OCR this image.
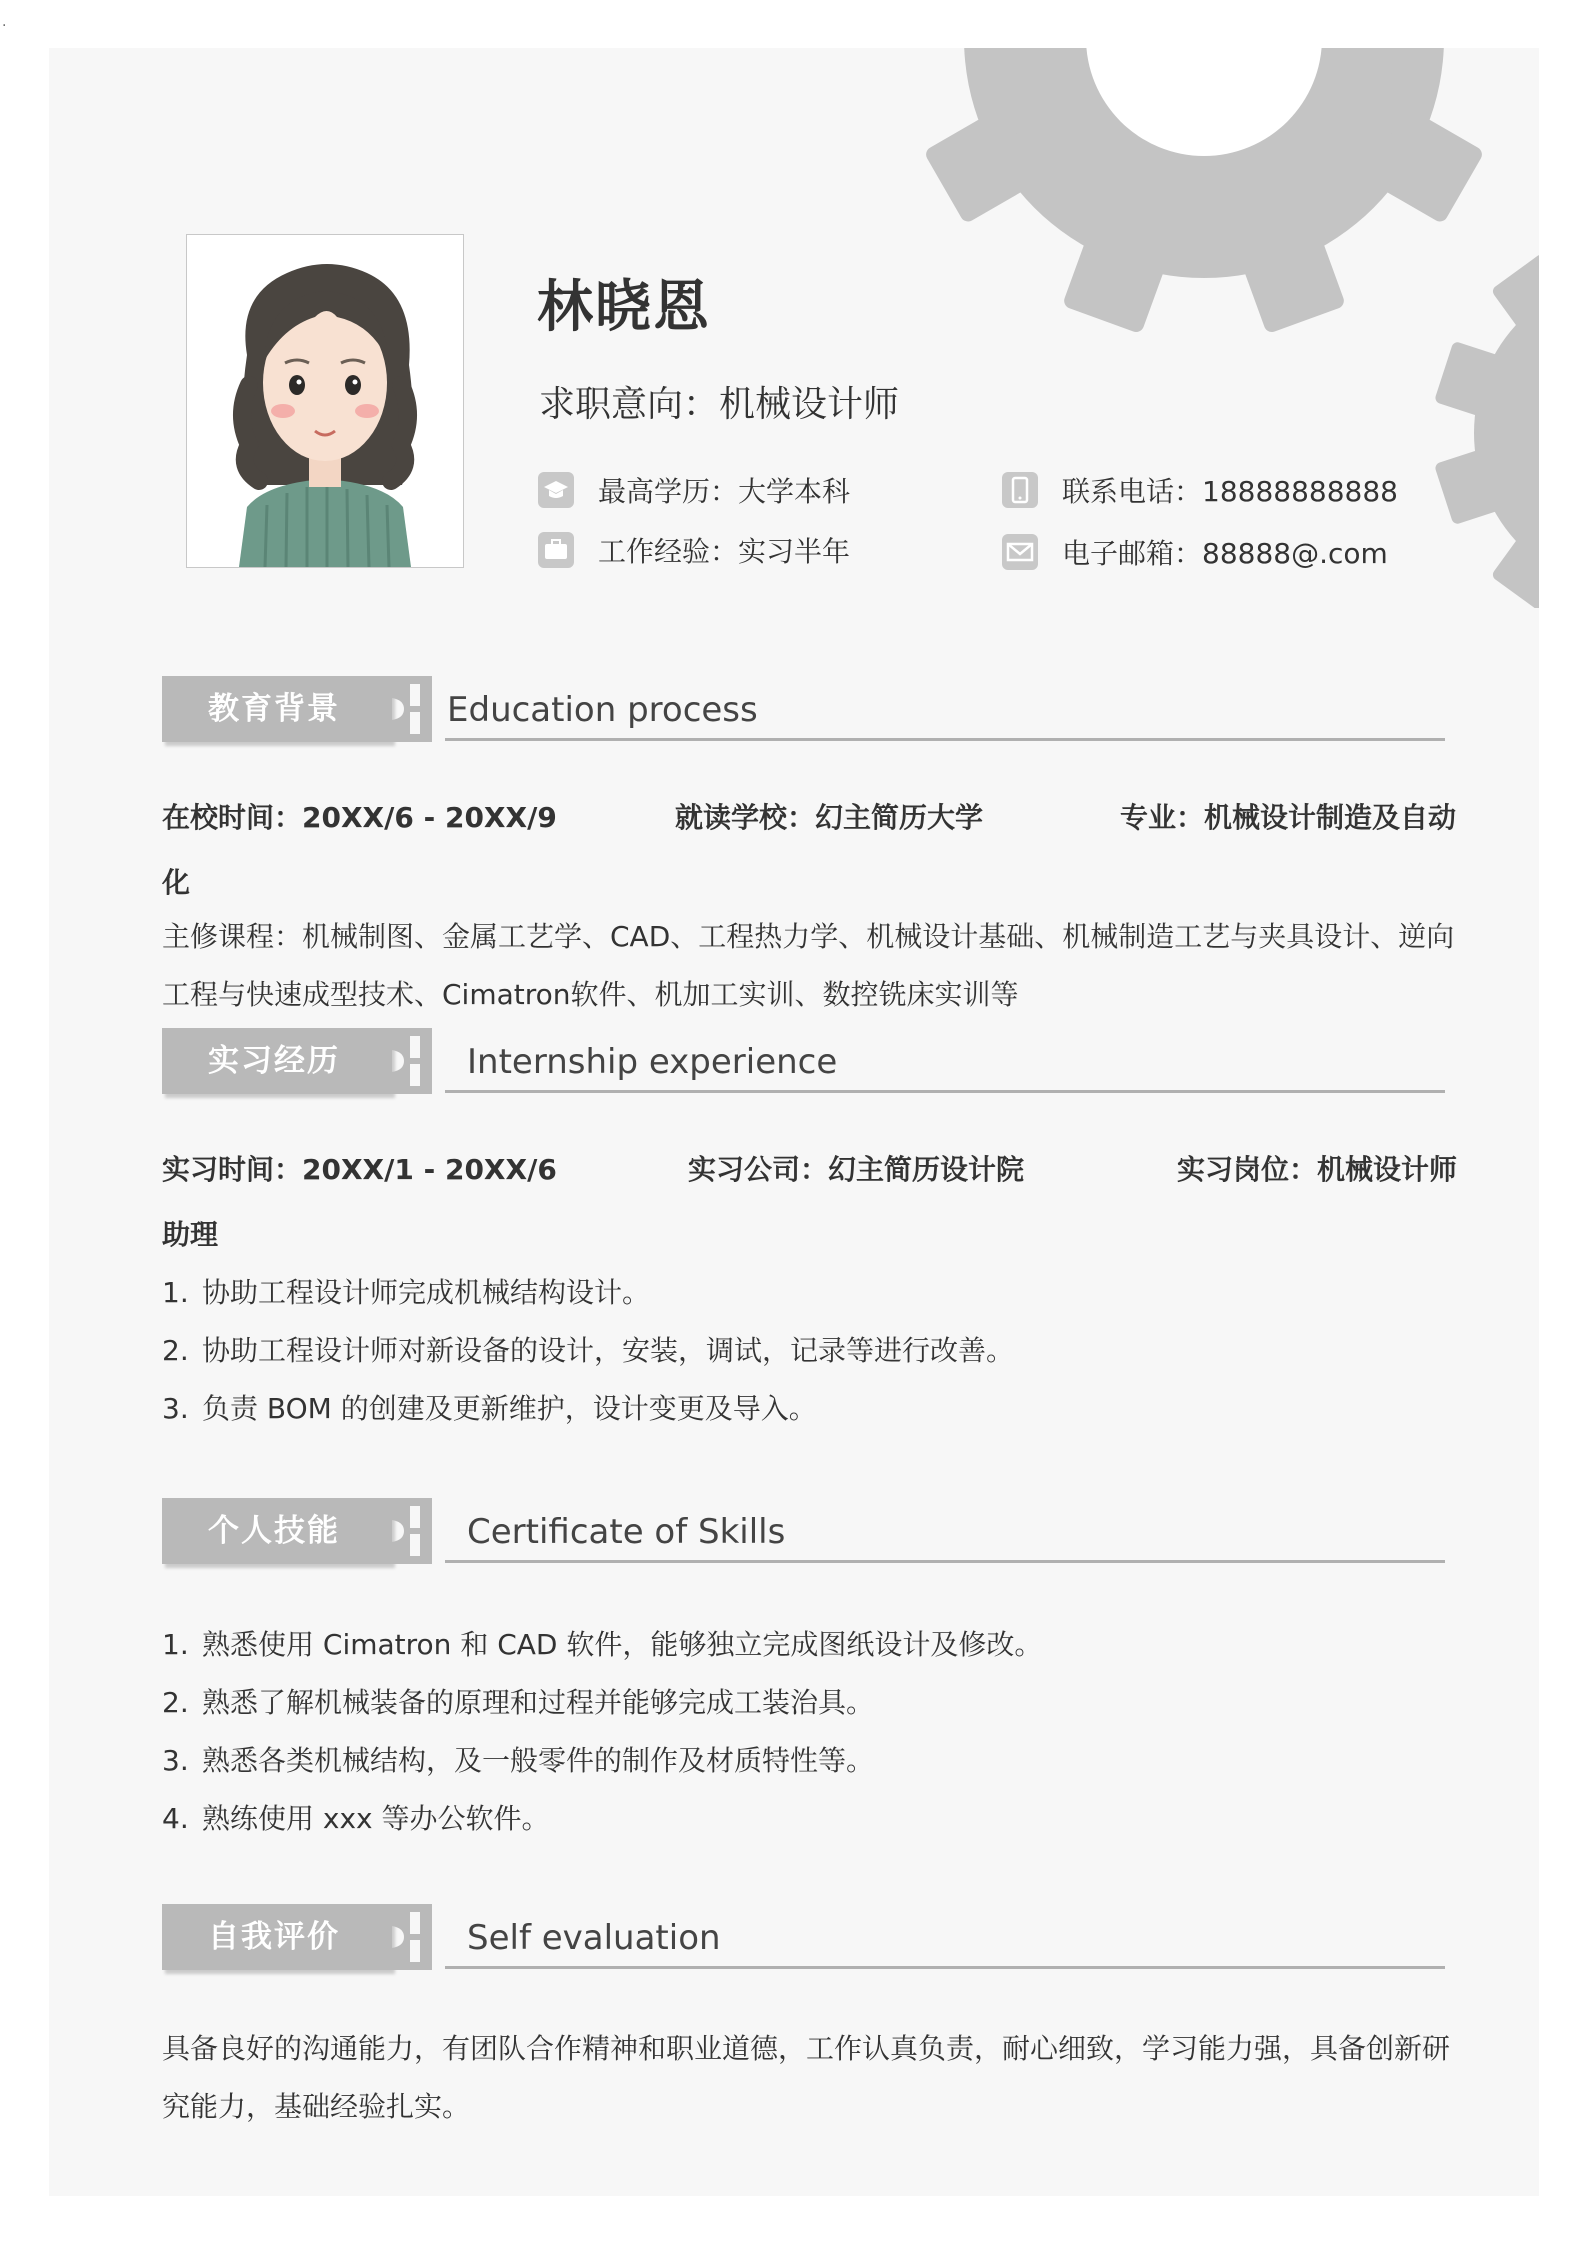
.
林晓恩
求职意向：机械设计师
最高学历：大学本科
工作经验：实习半年
联系电话：18888888888
电子邮箱：88888@.com
教育背景	Education process
在校时间：20XX/6 - 20XX/9	就读学校：幻主简历大学	专业：机械设计制造及自动
化
主修课程：机械制图、金属工艺学、CAD、工程热力学、机械设计基础、机械制造工艺与夹具设计、逆向
工程与快速成型技术、Cimatron软件、机加工实训、数控铣床实训等
实习经历	Internship experience
实习时间：20XX/1 - 20XX/6	实习公司：幻主简历设计院	实习岗位：机械设计师
助理
1. 协助工程设计师完成机械结构设计。
2. 协助工程设计师对新设备的设计，安装，调试，记录等进行改善。
3. 负责 BOM 的创建及更新维护，设计变更及导入。
个人技能	Certificate of Skills
1. 熟悉使用 Cimatron 和 CAD 软件，能够独立完成图纸设计及修改。
2. 熟悉了解机械装备的原理和过程并能够完成工装治具。
3. 熟悉各类机械结构，及一般零件的制作及材质特性等。
4. 熟练使用 xxx 等办公软件。
自我评价	Self evaluation
具备良好的沟通能力，有团队合作精神和职业道德，工作认真负责，耐心细致，学习能力强，具备创新研
究能力，基础经验扎实。
